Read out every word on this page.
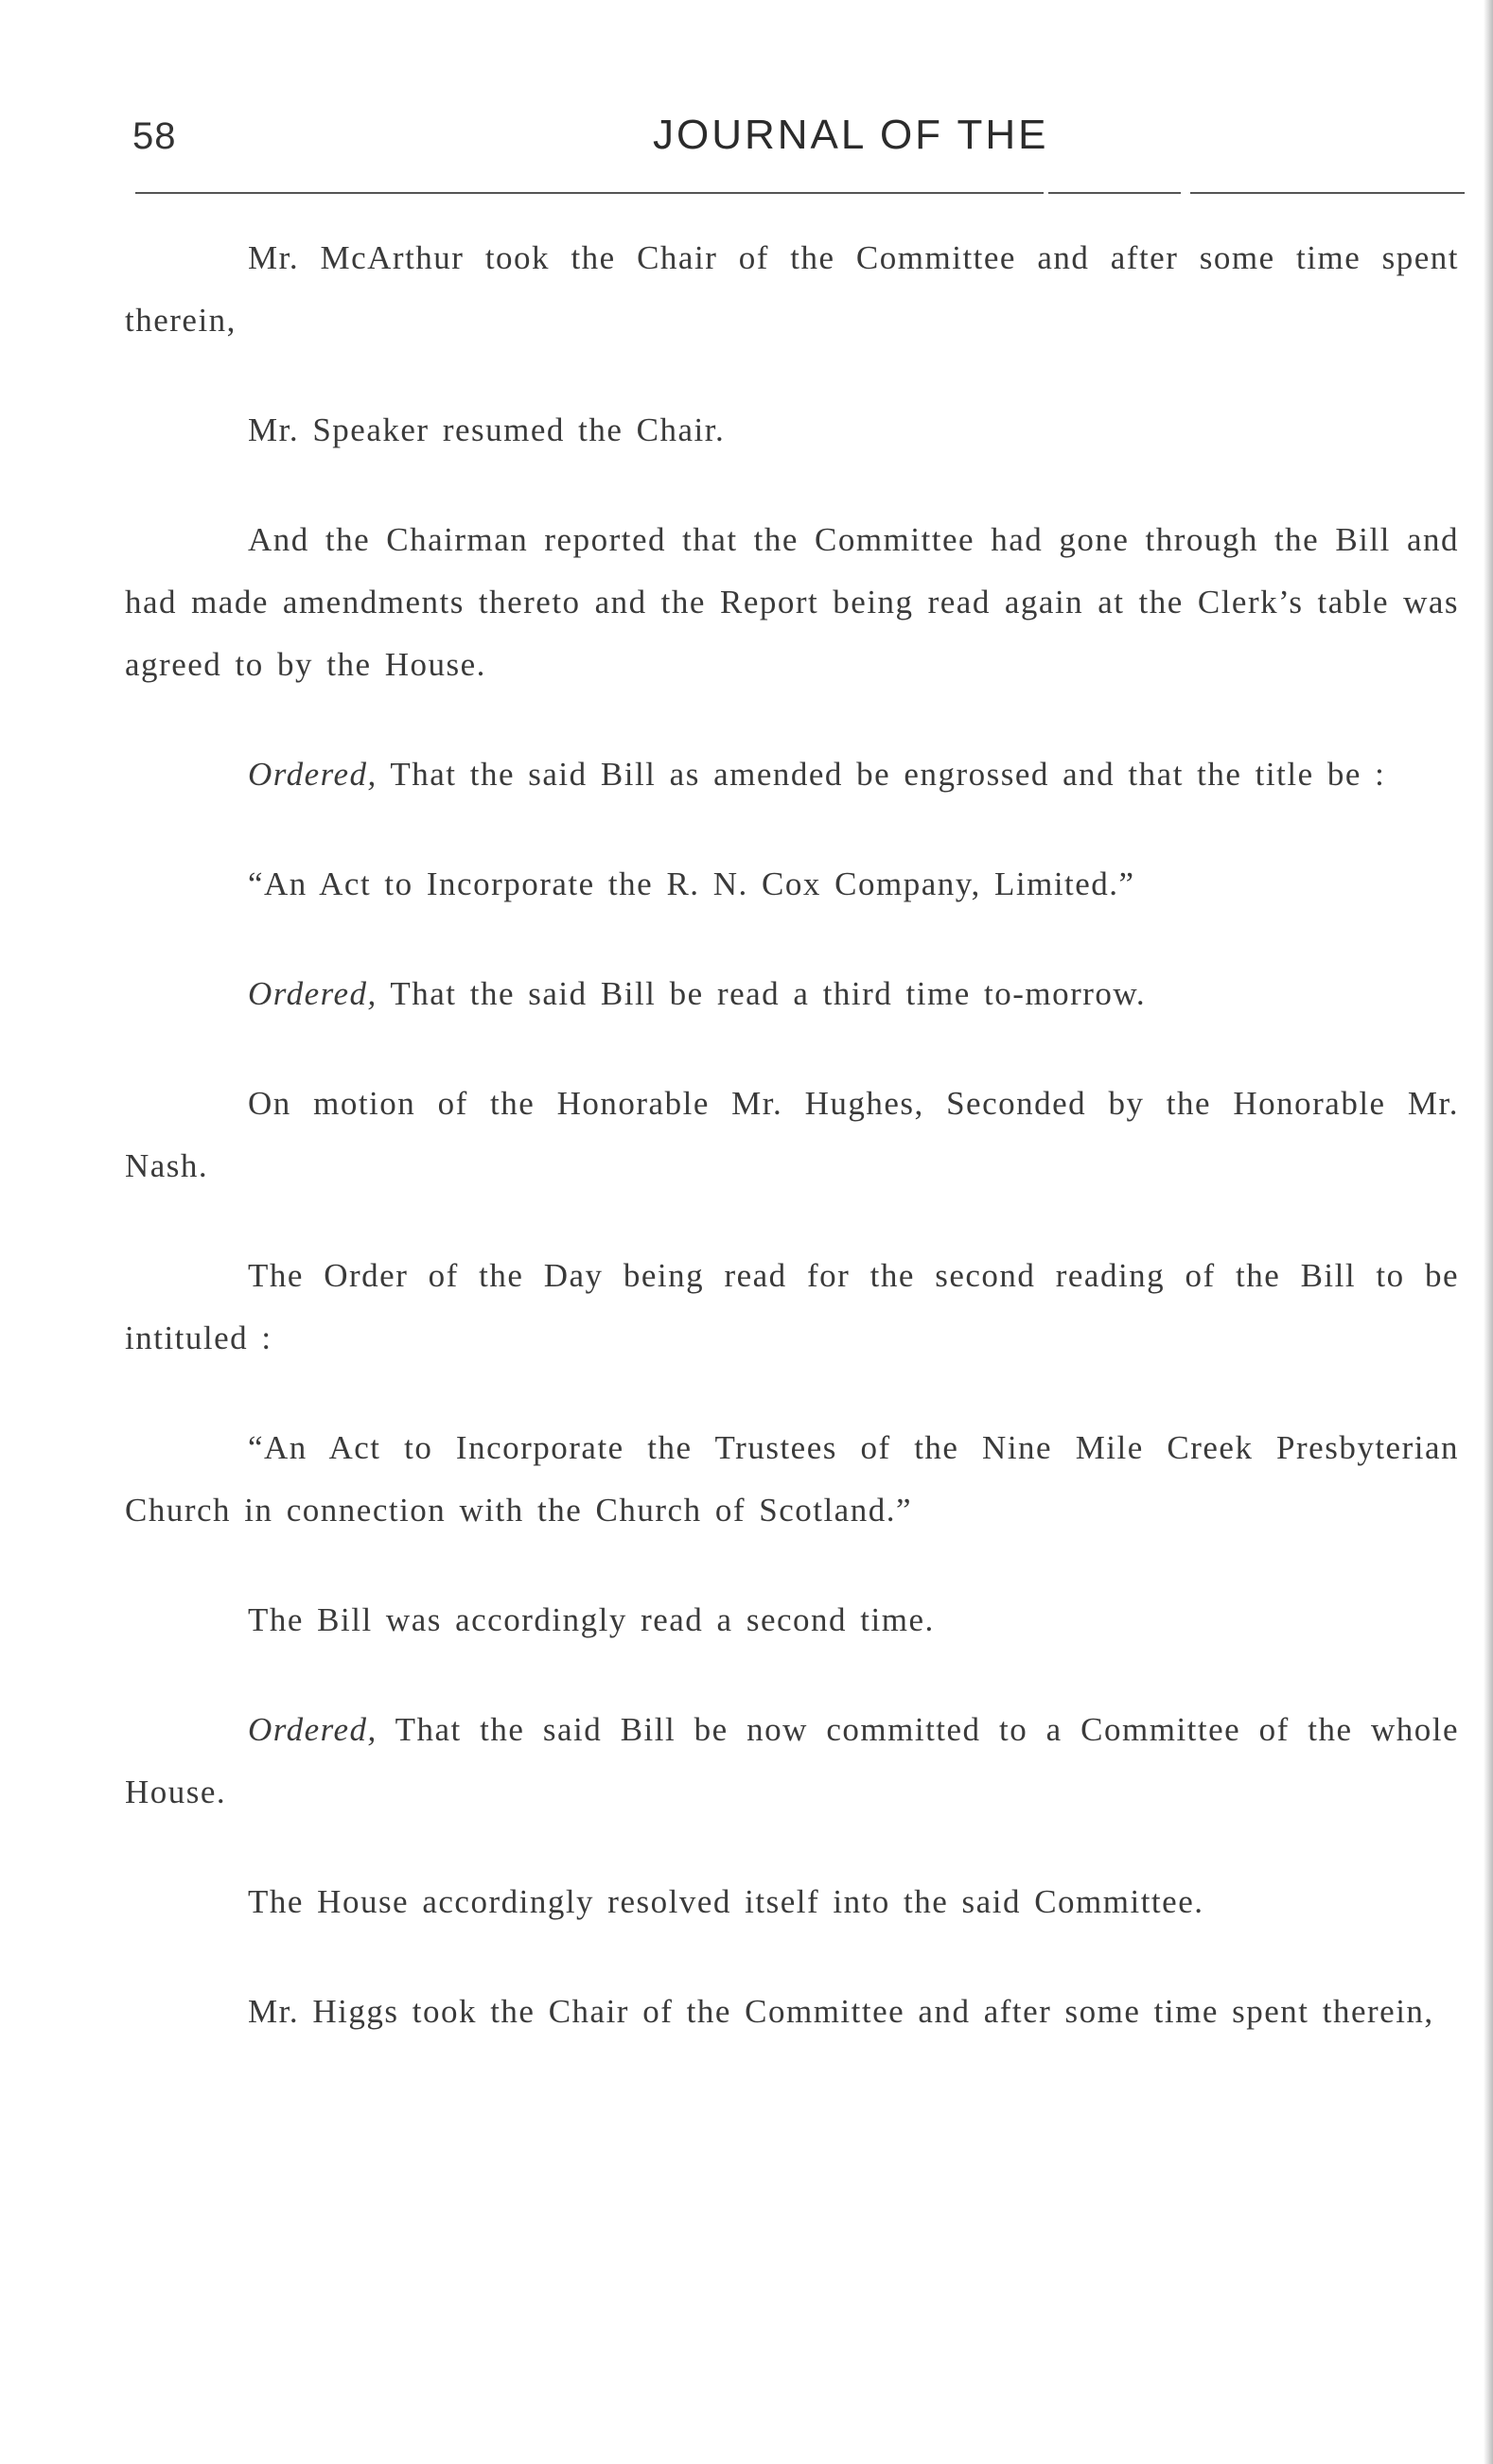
58	JOURNAL OF THE

Mr. McArthur took the Chair of the Committee and after some time spent therein,

Mr. Speaker resumed the Chair.

And the Chairman reported that the Committee had gone through the Bill and had made amendments thereto and the Report being read again at the Clerk’s table was agreed to by the House.

Ordered, That the said Bill as amended be engrossed and that the title be :

“An Act to Incorporate the R. N. Cox Company, Limited.”

Ordered, That the said Bill be read a third time to-morrow.

On motion of the Honorable Mr. Hughes, Seconded by the Honorable Mr. Nash.

The Order of the Day being read for the second reading of the Bill to be intituled :

“An Act to Incorporate the Trustees of the Nine Mile Creek Presbyterian Church in connection with the Church of Scotland.”

The Bill was accordingly read a second time.

Ordered, That the said Bill be now committed to a Committee of the whole House.

The House accordingly resolved itself into the said Committee.

Mr. Higgs took the Chair of the Committee and after some time spent therein,
